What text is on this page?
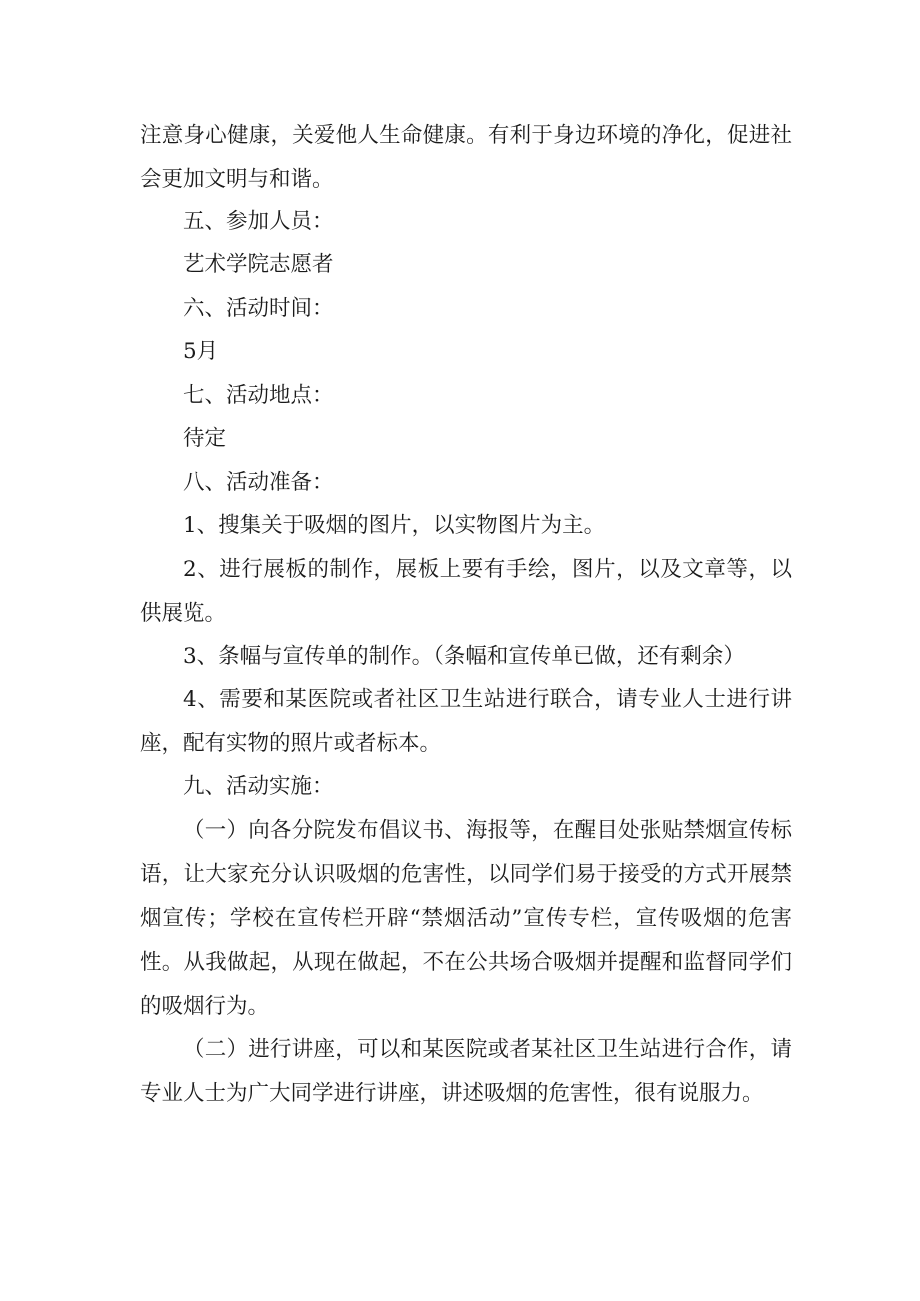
注意身心健康，关爱他人生命健康。有利于身边环境的净化，促进社会更加文明与和谐。

五、参加人员：

艺术学院志愿者

六、活动时间：

5月

七、活动地点：

待定

八、活动准备：

1、搜集关于吸烟的图片，以实物图片为主。

2、进行展板的制作，展板上要有手绘，图片，以及文章等，以供展览。

3、条幅与宣传单的制作。（条幅和宣传单已做，还有剩余）

4、需要和某医院或者社区卫生站进行联合，请专业人士进行讲座，配有实物的照片或者标本。

九、活动实施：

（一）向各分院发布倡议书、海报等，在醒目处张贴禁烟宣传标语，让大家充分认识吸烟的危害性，以同学们易于接受的方式开展禁烟宣传；学校在宣传栏开辟“禁烟活动”宣传专栏，宣传吸烟的危害性。从我做起，从现在做起，不在公共场合吸烟并提醒和监督同学们的吸烟行为。

（二）进行讲座，可以和某医院或者某社区卫生站进行合作，请专业人士为广大同学进行讲座，讲述吸烟的危害性，很有说服力。
